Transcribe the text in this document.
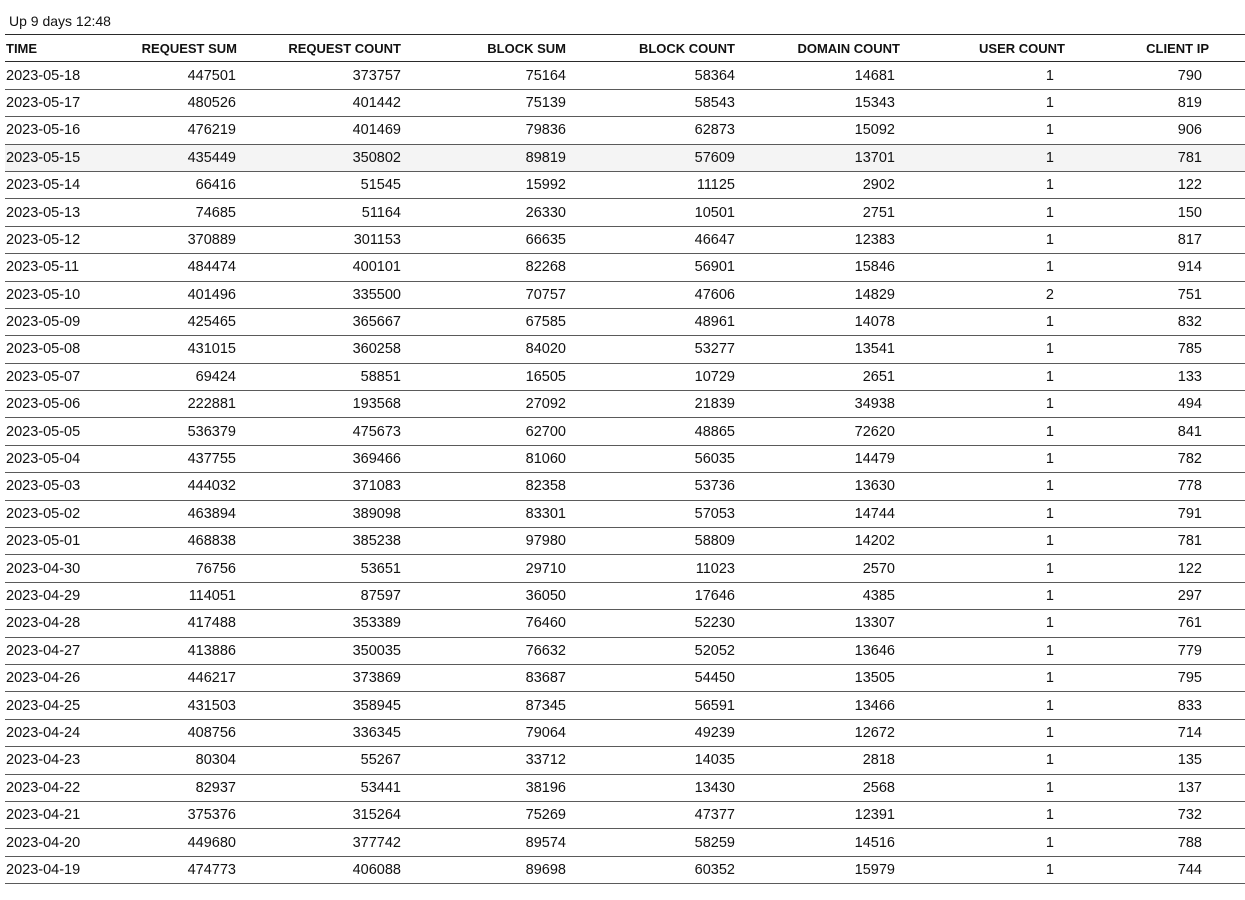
Up 9 days 12:48
TIME	REQUEST SUM	REQUEST COUNT	BLOCK SUM	BLOCK COUNT	DOMAIN COUNT	USER COUNT	CLIENT IP
2023-05-18	447501	373757	75164	58364	14681	1	790
2023-05-17	480526	401442	75139	58543	15343	1	819
2023-05-16	476219	401469	79836	62873	15092	1	906
2023-05-15	435449	350802	89819	57609	13701	1	781
2023-05-14	66416	51545	15992	11125	2902	1	122
2023-05-13	74685	51164	26330	10501	2751	1	150
2023-05-12	370889	301153	66635	46647	12383	1	817
2023-05-11	484474	400101	82268	56901	15846	1	914
2023-05-10	401496	335500	70757	47606	14829	2	751
2023-05-09	425465	365667	67585	48961	14078	1	832
2023-05-08	431015	360258	84020	53277	13541	1	785
2023-05-07	69424	58851	16505	10729	2651	1	133
2023-05-06	222881	193568	27092	21839	34938	1	494
2023-05-05	536379	475673	62700	48865	72620	1	841
2023-05-04	437755	369466	81060	56035	14479	1	782
2023-05-03	444032	371083	82358	53736	13630	1	778
2023-05-02	463894	389098	83301	57053	14744	1	791
2023-05-01	468838	385238	97980	58809	14202	1	781
2023-04-30	76756	53651	29710	11023	2570	1	122
2023-04-29	114051	87597	36050	17646	4385	1	297
2023-04-28	417488	353389	76460	52230	13307	1	761
2023-04-27	413886	350035	76632	52052	13646	1	779
2023-04-26	446217	373869	83687	54450	13505	1	795
2023-04-25	431503	358945	87345	56591	13466	1	833
2023-04-24	408756	336345	79064	49239	12672	1	714
2023-04-23	80304	55267	33712	14035	2818	1	135
2023-04-22	82937	53441	38196	13430	2568	1	137
2023-04-21	375376	315264	75269	47377	12391	1	732
2023-04-20	449680	377742	89574	58259	14516	1	788
2023-04-19	474773	406088	89698	60352	15979	1	744
